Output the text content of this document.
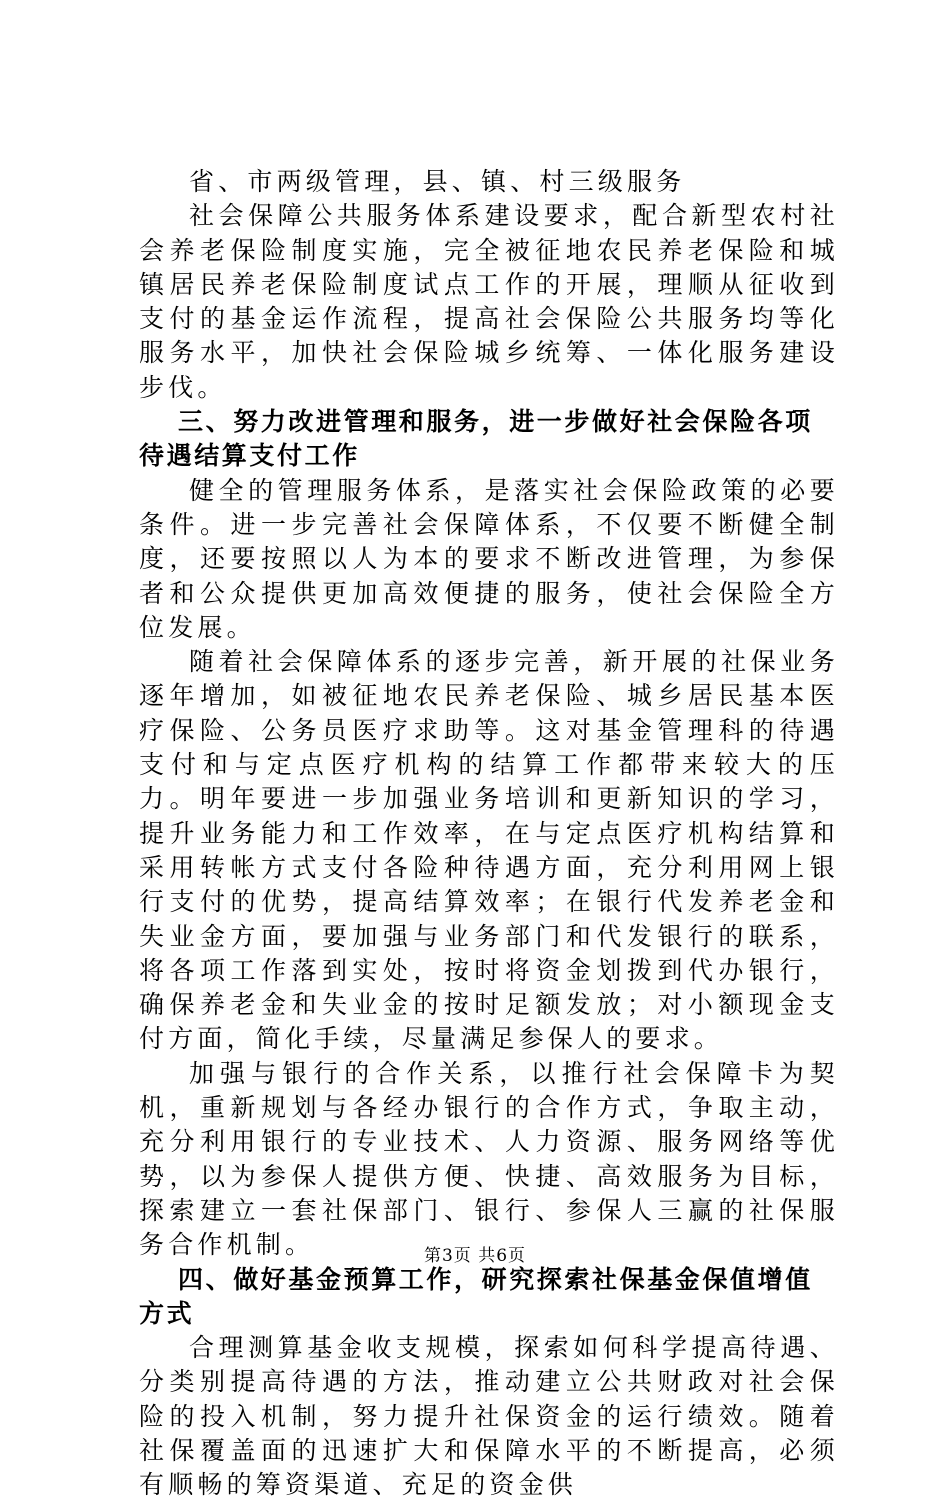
省、市两级管理，县、镇、村三级服务

社会保障公共服务体系建设要求，配合新型农村社会养老保险制度实施，完全被征地农民养老保险和城镇居民养老保险制度试点工作的开展，理顺从征收到支付的基金运作流程，提高社会保险公共服务均等化服务水平，加快社会保险城乡统筹、一体化服务建设步伐。

三、努力改进管理和服务，进一步做好社会保险各项待遇结算支付工作

健全的管理服务体系，是落实社会保险政策的必要条件。进一步完善社会保障体系，不仅要不断健全制度，还要按照以人为本的要求不断改进管理，为参保者和公众提供更加高效便捷的服务，使社会保险全方位发展。

随着社会保障体系的逐步完善，新开展的社保业务逐年增加，如被征地农民养老保险、城乡居民基本医疗保险、公务员医疗求助等。这对基金管理科的待遇支付和与定点医疗机构的结算工作都带来较大的压力。明年要进一步加强业务培训和更新知识的学习，提升业务能力和工作效率，在与定点医疗机构结算和采用转帐方式支付各险种待遇方面，充分利用网上银行支付的优势，提高结算效率；在银行代发养老金和失业金方面，要加强与业务部门和代发银行的联系，将各项工作落到实处，按时将资金划拨到代办银行，确保养老金和失业金的按时足额发放；对小额现金支付方面，简化手续，尽量满足参保人的要求。

加强与银行的合作关系，以推行社会保障卡为契机，重新规划与各经办银行的合作方式，争取主动，充分利用银行的专业技术、人力资源、服务网络等优势，以为参保人提供方便、快捷、高效服务为目标，探索建立一套社保部门、银行、参保人三赢的社保服务合作机制。

四、做好基金预算工作，研究探索社保基金保值增值方式

合理测算基金收支规模，探索如何科学提高待遇、分类别提高待遇的方法，推动建立公共财政对社会保险的投入机制，努力提升社保资金的运行绩效。随着社保覆盖面的迅速扩大和保障水平的不断提高，必须有顺畅的筹资渠道、充足的资金供

第3页 共6页
